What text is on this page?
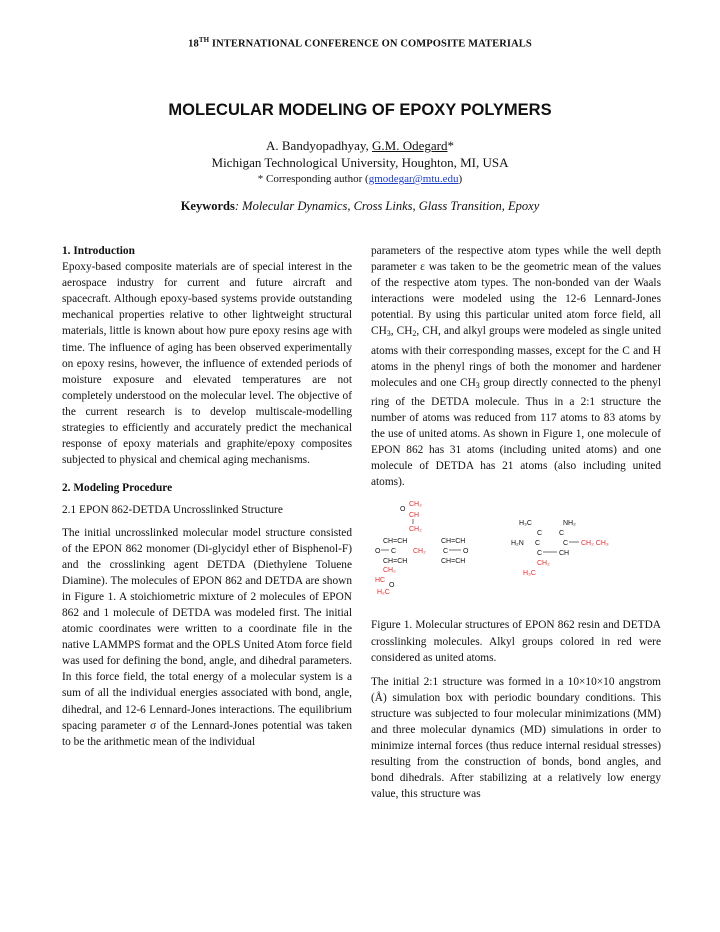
18TH INTERNATIONAL CONFERENCE ON COMPOSITE MATERIALS
MOLECULAR MODELING OF EPOXY POLYMERS
A. Bandyopadhyay, G.M. Odegard*
Michigan Technological University, Houghton, MI, USA
* Corresponding author (gmodegar@mtu.edu)
Keywords: Molecular Dynamics, Cross Links, Glass Transition, Epoxy

1. Introduction

Epoxy-based composite materials are of special interest in the aerospace industry for current and future aircraft and spacecraft. Although epoxy-based systems provide outstanding mechanical properties relative to other lightweight structural materials, little is known about how pure epoxy resins age with time. The influence of aging has been observed experimentally on epoxy resins, however, the influence of extended periods of moisture exposure and elevated temperatures are not completely understood on the molecular level. The objective of the current research is to develop multiscale-modelling strategies to efficiently and accurately predict the mechanical response of epoxy materials and graphite/epoxy composites subjected to physical and chemical aging mechanisms.

2. Modeling Procedure

2.1 EPON 862-DETDA Uncrosslinked Structure

The initial uncrosslinked molecular model structure consisted of the EPON 862 monomer (Di-glycidyl ether of Bisphenol-F) and the crosslinking agent DETDA (Diethylene Toluene Diamine). The molecules of EPON 862 and DETDA are shown in Figure 1. A stoichiometric mixture of 2 molecules of EPON 862 and 1 molecule of DETDA was modeled first. The initial atomic coordinates were written to a coordinate file in the native LAMMPS format and the OPLS United Atom force field was used for defining the bond, angle, and dihedral parameters. In this force field, the total energy of a molecular system is a sum of all the individual energies associated with bond, angle, dihedral, and 12-6 Lennard-Jones interactions. The equilibrium spacing parameter σ of the Lennard-Jones potential was taken to be the arithmetic mean of the individual

parameters of the respective atom types while the well depth parameter ε was taken to be the geometric mean of the values of the respective atom types. The non-bonded van der Waals interactions were modeled using the 12-6 Lennard-Jones potential. By using this particular united atom force field, all $CH_3$, $CH_2$, CH, and alkyl groups were modeled as single united atoms with their corresponding masses, except for the C and H atoms in the phenyl rings of both the monomer and hardener molecules and one $CH_3$ group directly connected to the phenyl ring of the DETDA molecule. Thus in a 2:1 structure the number of atoms was reduced from 117 atoms to 83 atoms by the use of united atoms. As shown in Figure 1, one molecule of EPON 862 has 31 atoms (including united atoms) and one molecule of DETDA has 21 atoms (also including united atoms).

CH₂
O
CH
CH₂
CH=CH	CH=CH
O C CH₂ C O
CH=CH	CH=CH
CH₂
HC
O
H₂C
H₃C	NH₂
C C
H₂N C	C CH₂ CH₃
C CH
CH₂
H₃C

Figure 1. Molecular structures of EPON 862 resin and DETDA crosslinking molecules. Alkyl groups colored in red were considered as united atoms.

The initial 2:1 structure was formed in a 10×10×10 angstrom (Å) simulation box with periodic boundary conditions. This structure was subjected to four molecular minimizations (MM) and three molecular dynamics (MD) simulations in order to minimize internal forces (thus reduce internal residual stresses) resulting from the construction of bonds, bond angles, and bond dihedrals. After stabilizing at a relatively low energy value, this structure was
